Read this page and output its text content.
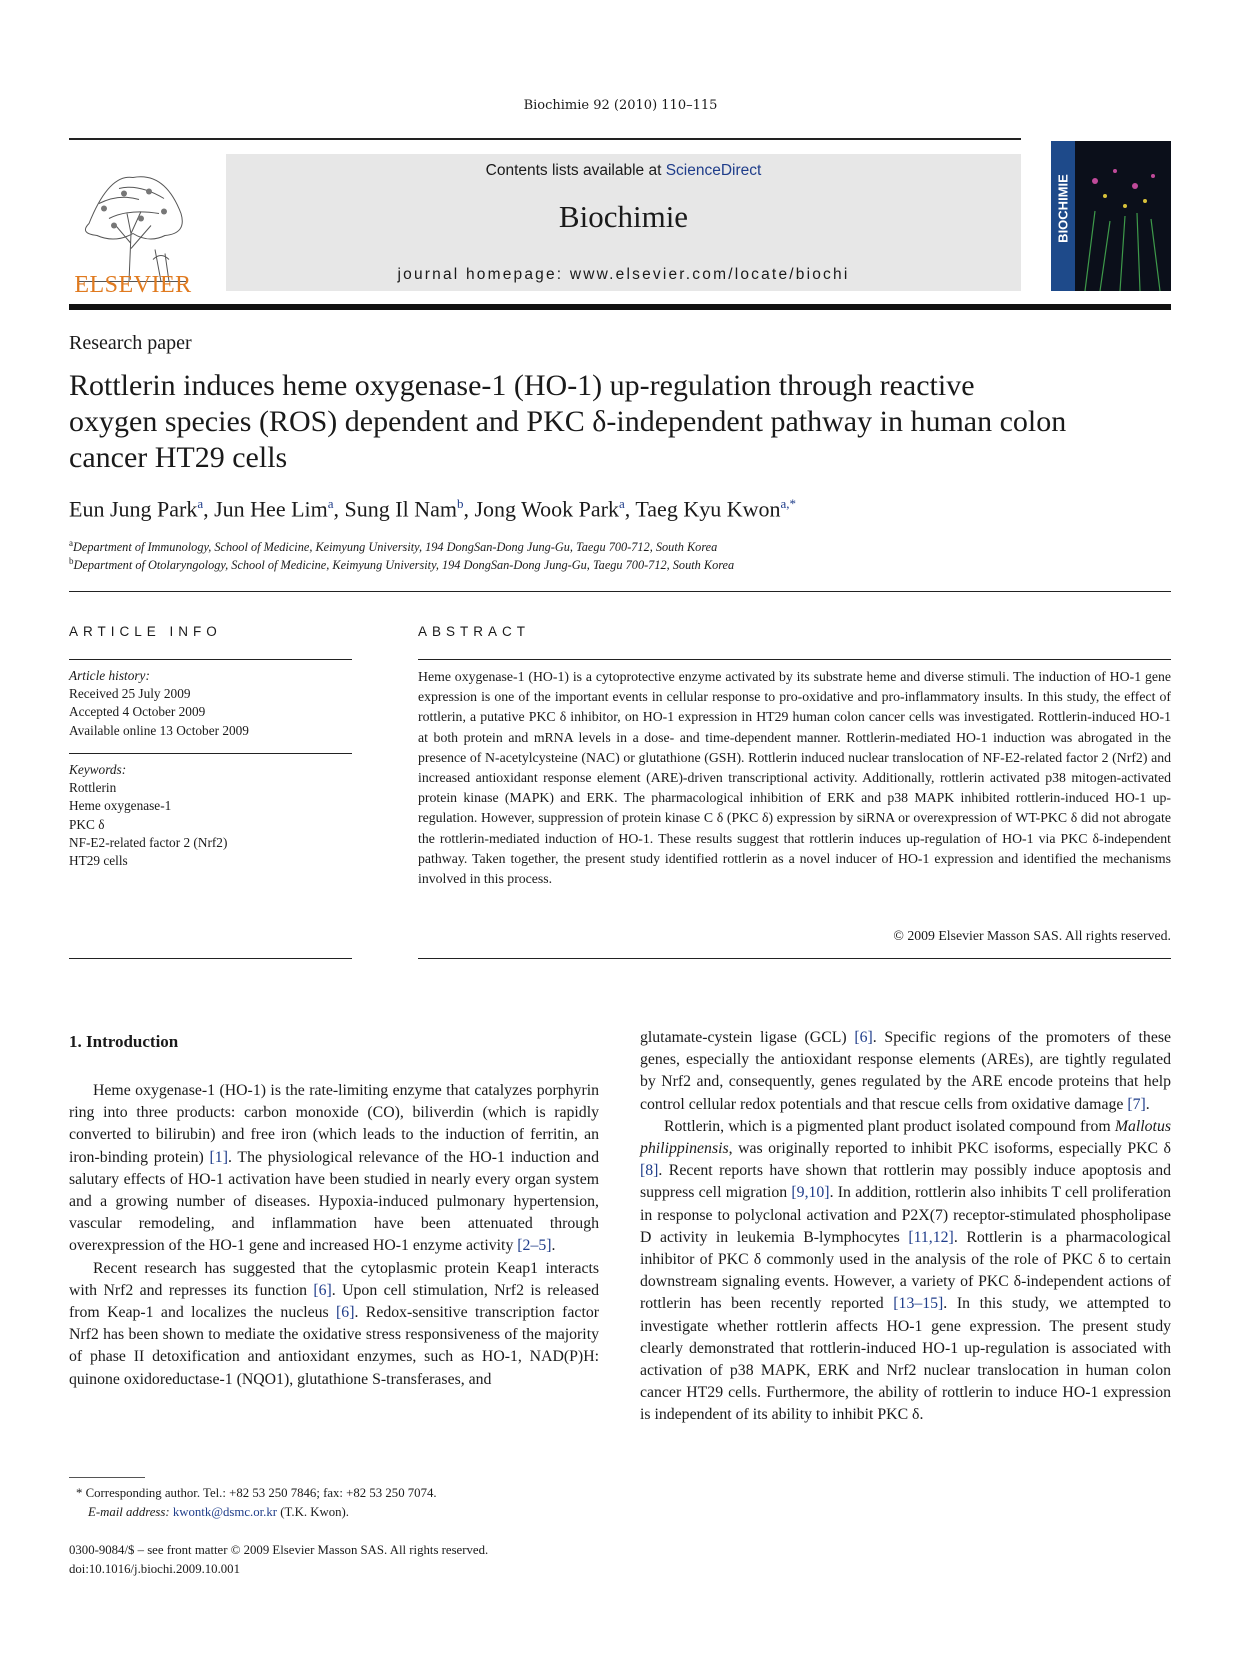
Biochimie 92 (2010) 110–115
ELSEVIER
Contents lists available at ScienceDirect
Biochimie
journal homepage: www.elsevier.com/locate/biochi
BIOCHIMIE
Research paper
Rottlerin induces heme oxygenase-1 (HO-1) up-regulation through reactive oxygen species (ROS) dependent and PKC δ-independent pathway in human colon cancer HT29 cells
Eun Jung Park$^a$, Jun Hee Lim$^a$, Sung Il Nam$^b$, Jong Wook Park$^a$, Taeg Kyu Kwon$^{a,*}$
$^a$Department of Immunology, School of Medicine, Keimyung University, 194 DongSan-Dong Jung-Gu, Taegu 700-712, South Korea
$^b$Department of Otolaryngology, School of Medicine, Keimyung University, 194 DongSan-Dong Jung-Gu, Taegu 700-712, South Korea
ARTICLE INFO	ABSTRACT
Article history:
Received 25 July 2009
Accepted 4 October 2009
Available online 13 October 2009
Keywords:
Rottlerin
Heme oxygenase-1
PKC δ
NF-E2-related factor 2 (Nrf2)
HT29 cells
Heme oxygenase-1 (HO-1) is a cytoprotective enzyme activated by its substrate heme and diverse stimuli. The induction of HO-1 gene expression is one of the important events in cellular response to pro-oxidative and pro-inflammatory insults. In this study, the effect of rottlerin, a putative PKC δ inhibitor, on HO-1 expression in HT29 human colon cancer cells was investigated. Rottlerin-induced HO-1 at both protein and mRNA levels in a dose- and time-dependent manner. Rottlerin-mediated HO-1 induction was abrogated in the presence of N-acetylcysteine (NAC) or glutathione (GSH). Rottlerin induced nuclear translocation of NF-E2-related factor 2 (Nrf2) and increased antioxidant response element (ARE)-driven transcriptional activity. Additionally, rottlerin activated p38 mitogen-activated protein kinase (MAPK) and ERK. The pharmacological inhibition of ERK and p38 MAPK inhibited rottlerin-induced HO-1 up-regulation. However, suppression of protein kinase C δ (PKC δ) expression by siRNA or overexpression of WT-PKC δ did not abrogate the rottlerin-mediated induction of HO-1. These results suggest that rottlerin induces up-regulation of HO-1 via PKC δ-independent pathway. Taken together, the present study identified rottlerin as a novel inducer of HO-1 expression and identified the mechanisms involved in this process.
© 2009 Elsevier Masson SAS. All rights reserved.
1. Introduction

Heme oxygenase-1 (HO-1) is the rate-limiting enzyme that catalyzes porphyrin ring into three products: carbon monoxide (CO), biliverdin (which is rapidly converted to bilirubin) and free iron (which leads to the induction of ferritin, an iron-binding protein) [1]. The physiological relevance of the HO-1 induction and salutary effects of HO-1 activation have been studied in nearly every organ system and a growing number of diseases. Hypoxia-induced pulmonary hypertension, vascular remodeling, and inflammation have been attenuated through overexpression of the HO-1 gene and increased HO-1 enzyme activity [2–5].

Recent research has suggested that the cytoplasmic protein Keap1 interacts with Nrf2 and represses its function [6]. Upon cell stimulation, Nrf2 is released from Keap-1 and localizes the nucleus [6]. Redox-sensitive transcription factor Nrf2 has been shown to mediate the oxidative stress responsiveness of the majority of phase II detoxification and antioxidant enzymes, such as HO-1, NAD(P)H: quinone oxidoreductase-1 (NQO1), glutathione S-transferases, and

glutamate-cystein ligase (GCL) [6]. Specific regions of the promoters of these genes, especially the antioxidant response elements (AREs), are tightly regulated by Nrf2 and, consequently, genes regulated by the ARE encode proteins that help control cellular redox potentials and that rescue cells from oxidative damage [7].

Rottlerin, which is a pigmented plant product isolated compound from Mallotus philippinensis, was originally reported to inhibit PKC isoforms, especially PKC δ [8]. Recent reports have shown that rottlerin may possibly induce apoptosis and suppress cell migration [9,10]. In addition, rottlerin also inhibits T cell proliferation in response to polyclonal activation and P2X(7) receptor-stimulated phospholipase D activity in leukemia B-lymphocytes [11,12]. Rottlerin is a pharmacological inhibitor of PKC δ commonly used in the analysis of the role of PKC δ to certain downstream signaling events. However, a variety of PKC δ-independent actions of rottlerin has been recently reported [13–15]. In this study, we attempted to investigate whether rottlerin affects HO-1 gene expression. The present study clearly demonstrated that rottlerin-induced HO-1 up-regulation is associated with activation of p38 MAPK, ERK and Nrf2 nuclear translocation in human colon cancer HT29 cells. Furthermore, the ability of rottlerin to induce HO-1 expression is independent of its ability to inhibit PKC δ.

* Corresponding author. Tel.: +82 53 250 7846; fax: +82 53 250 7074.
E-mail address: kwontk@dsmc.or.kr (T.K. Kwon).
0300-9084/$ – see front matter © 2009 Elsevier Masson SAS. All rights reserved.
doi:10.1016/j.biochi.2009.10.001
